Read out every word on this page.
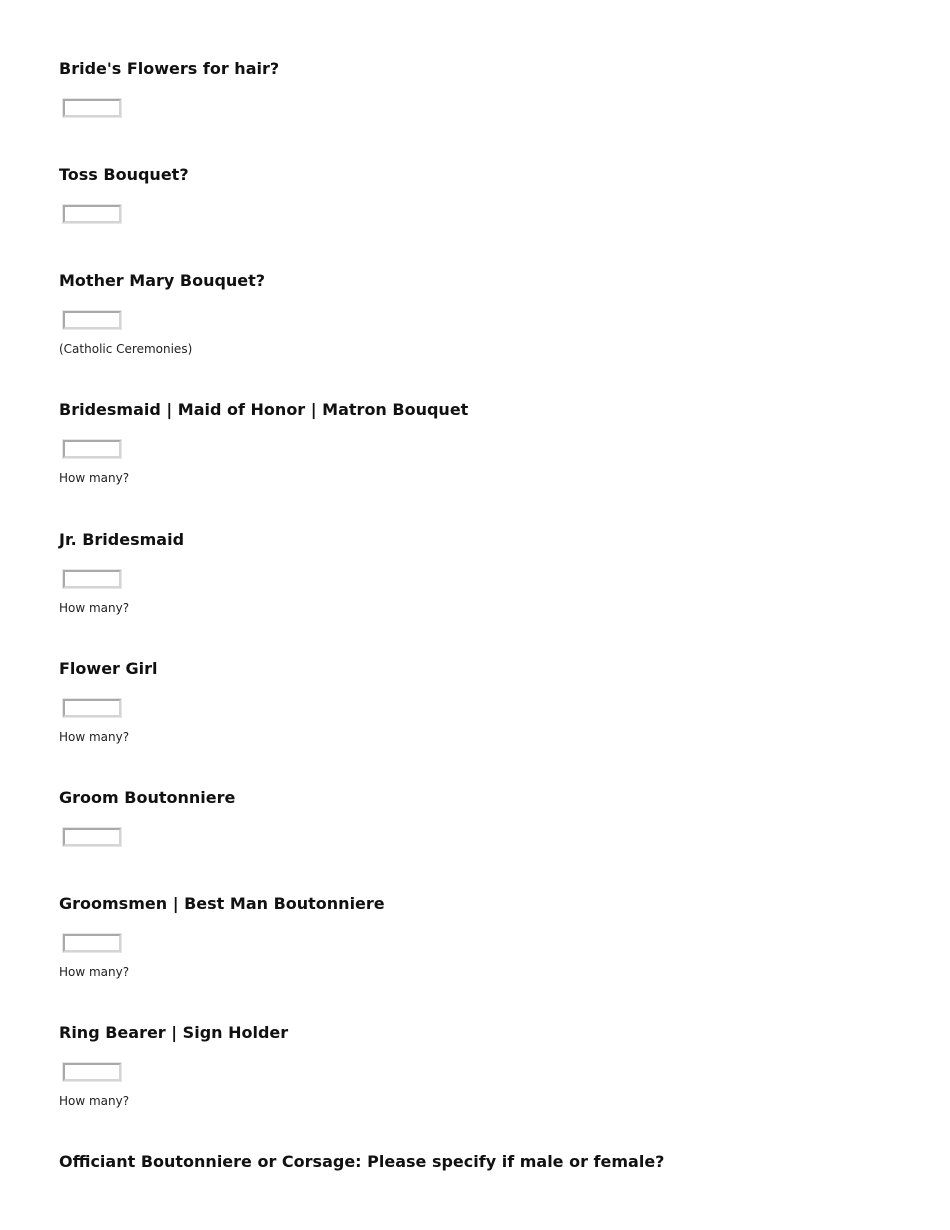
Bride's Flowers for hair?
Toss Bouquet?
Mother Mary Bouquet?
(Catholic Ceremonies)
Bridesmaid | Maid of Honor | Matron Bouquet
How many?
Jr. Bridesmaid
How many?
Flower Girl
How many?
Groom Boutonniere
Groomsmen | Best Man Boutonniere
How many?
Ring Bearer | Sign Holder
How many?
Officiant Boutonniere or Corsage: Please specify if male or female?
